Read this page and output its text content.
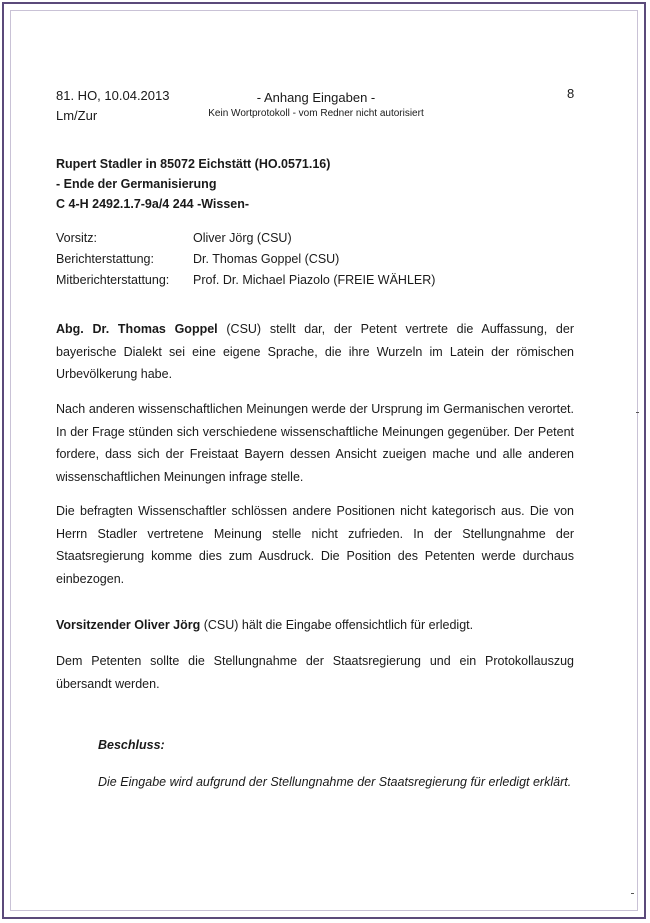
81. HO, 10.04.2013
Lm/Zur
- Anhang Eingaben -
Kein Wortprotokoll - vom Redner nicht autorisiert
8
Rupert Stadler in 85072 Eichstätt (HO.0571.16)
- Ende der Germanisierung
C 4-H 2492.1.7-9a/4 244 -Wissen-
Vorsitz:	Oliver Jörg (CSU)
Berichterstattung:	Dr. Thomas Goppel (CSU)
Mitberichterstattung:	Prof. Dr. Michael Piazolo (FREIE WÄHLER)
Abg. Dr. Thomas Goppel (CSU) stellt dar, der Petent vertrete die Auffassung, der bayerische Dialekt sei eine eigene Sprache, die ihre Wurzeln im Latein der römischen Urbevölkerung habe.
Nach anderen wissenschaftlichen Meinungen werde der Ursprung im Germanischen verortet. In der Frage stünden sich verschiedene wissenschaftliche Meinungen gegenüber. Der Petent fordere, dass sich der Freistaat Bayern dessen Ansicht zueigen mache und alle anderen wissenschaftlichen Meinungen infrage stelle.
Die befragten Wissenschaftler schlössen andere Positionen nicht kategorisch aus. Die von Herrn Stadler vertretene Meinung stelle nicht zufrieden. In der Stellungnahme der Staatsregierung komme dies zum Ausdruck. Die Position des Petenten werde durchaus einbezogen.
Vorsitzender Oliver Jörg (CSU) hält die Eingabe offensichtlich für erledigt.
Dem Petenten sollte die Stellungnahme der Staatsregierung und ein Protokollauszug übersandt werden.
Beschluss:
Die Eingabe wird aufgrund der Stellungnahme der Staatsregierung für erledigt erklärt.
